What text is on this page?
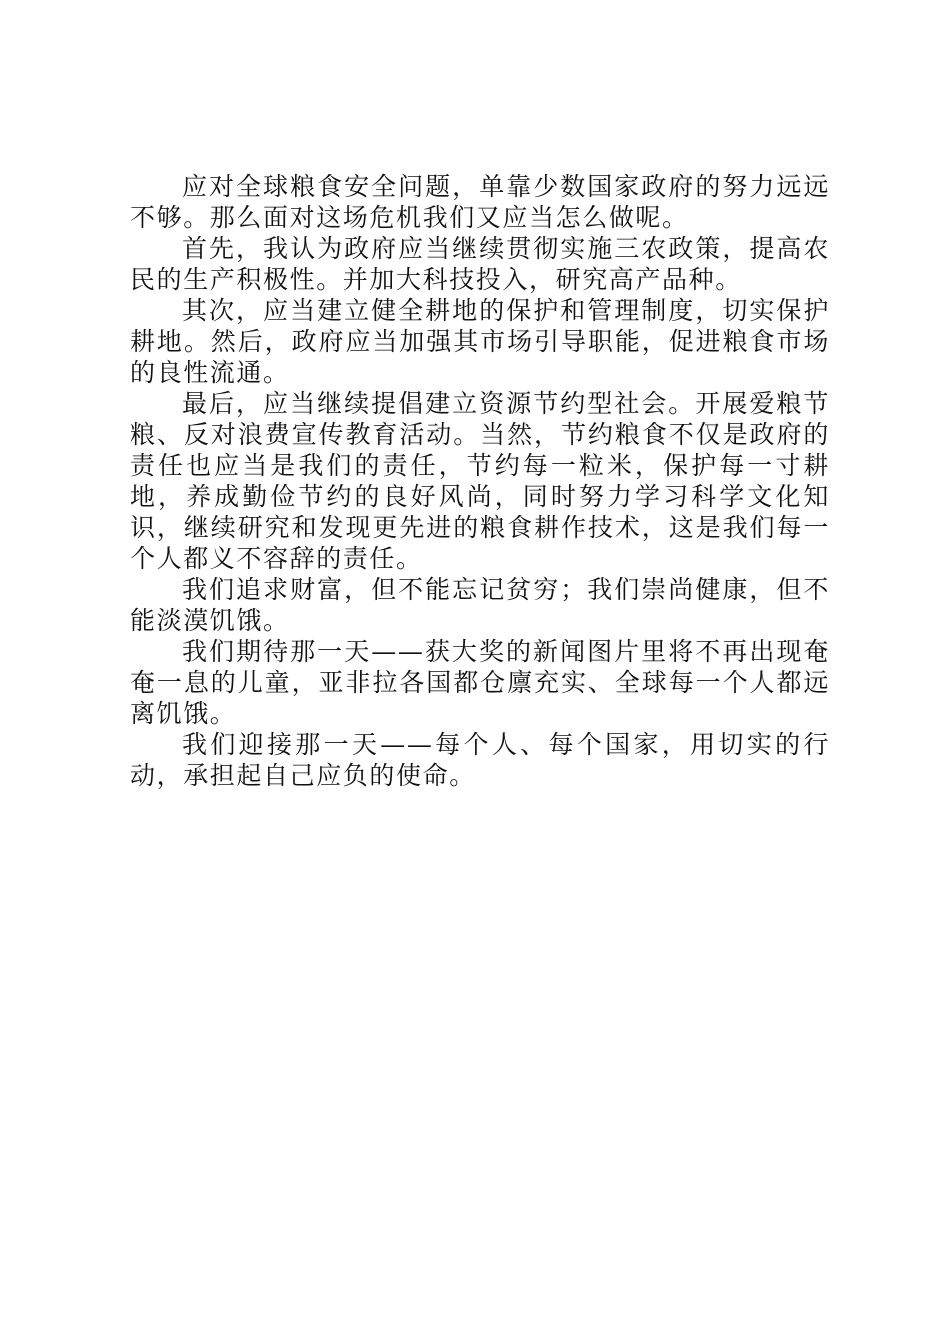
应对全球粮食安全问题，单靠少数国家政府的努力远远不够。那么面对这场危机我们又应当怎么做呢。

首先，我认为政府应当继续贯彻实施三农政策，提高农民的生产积极性。并加大科技投入，研究高产品种。

其次，应当建立健全耕地的保护和管理制度，切实保护耕地。然后，政府应当加强其市场引导职能，促进粮食市场的良性流通。

最后，应当继续提倡建立资源节约型社会。开展爱粮节粮、反对浪费宣传教育活动。当然，节约粮食不仅是政府的责任也应当是我们的责任，节约每一粒米，保护每一寸耕地，养成勤俭节约的良好风尚，同时努力学习科学文化知识，继续研究和发现更先进的粮食耕作技术，这是我们每一个人都义不容辞的责任。

我们追求财富，但不能忘记贫穷；我们崇尚健康，但不能淡漠饥饿。

我们期待那一天——获大奖的新闻图片里将不再出现奄奄一息的儿童，亚非拉各国都仓廪充实、全球每一个人都远离饥饿。

我们迎接那一天——每个人、每个国家，用切实的行动，承担起自己应负的使命。
